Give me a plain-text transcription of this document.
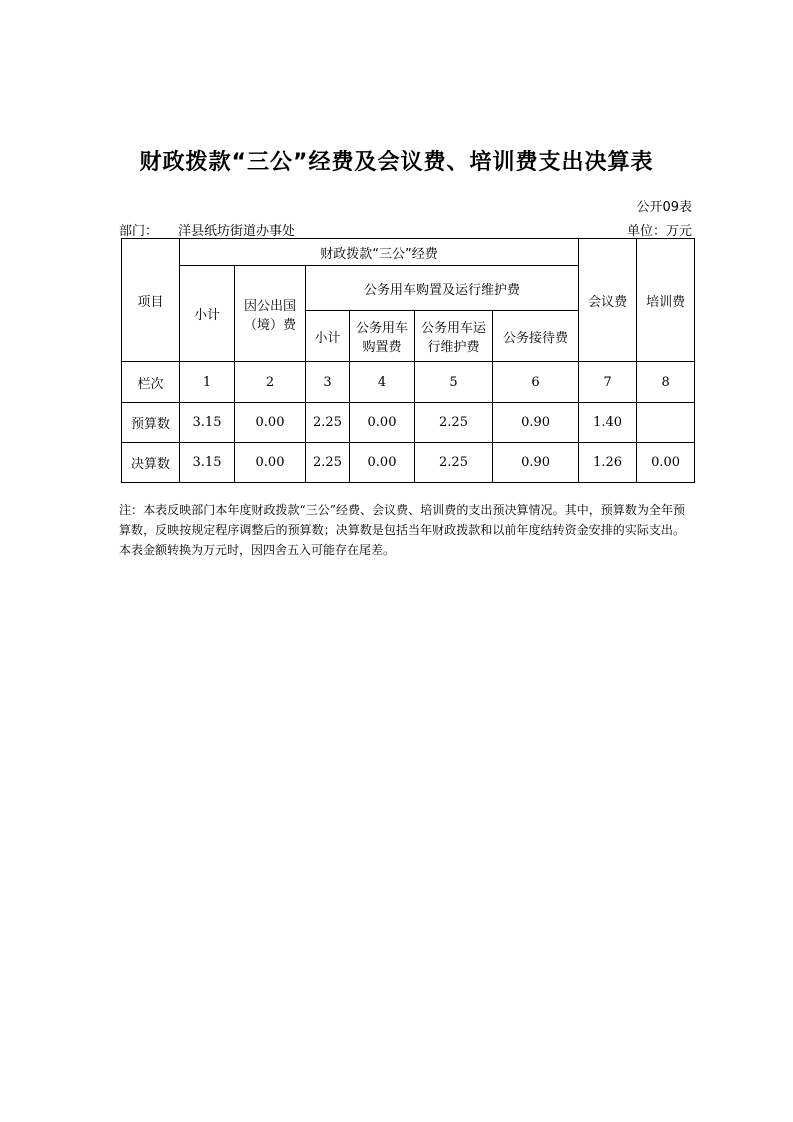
财政拨款“三公”经费及会议费、培训费支出决算表
公开09表
部门： 洋县纸坊街道办事处	单位：万元
项目	财政拨款“三公”经费						会议费	培训费
	小计	因公出国（境）费	公务用车购置及运行维护费					
			小计	公务用车购置费	公务用车运行维护费	公务接待费		
栏次	1	2	3	4	5	6	7	8
预算数	3.15	0.00	2.25	0.00	2.25	0.90	1.40	
决算数	3.15	0.00	2.25	0.00	2.25	0.90	1.26	0.00
注：本表反映部门本年度财政拨款“三公”经费、会议费、培训费的支出预决算情况。其中，预算数为全年预算数，反映按规定程序调整后的预算数；决算数是包括当年财政拨款和以前年度结转资金安排的实际支出。本表金额转换为万元时，因四舍五入可能存在尾差。
